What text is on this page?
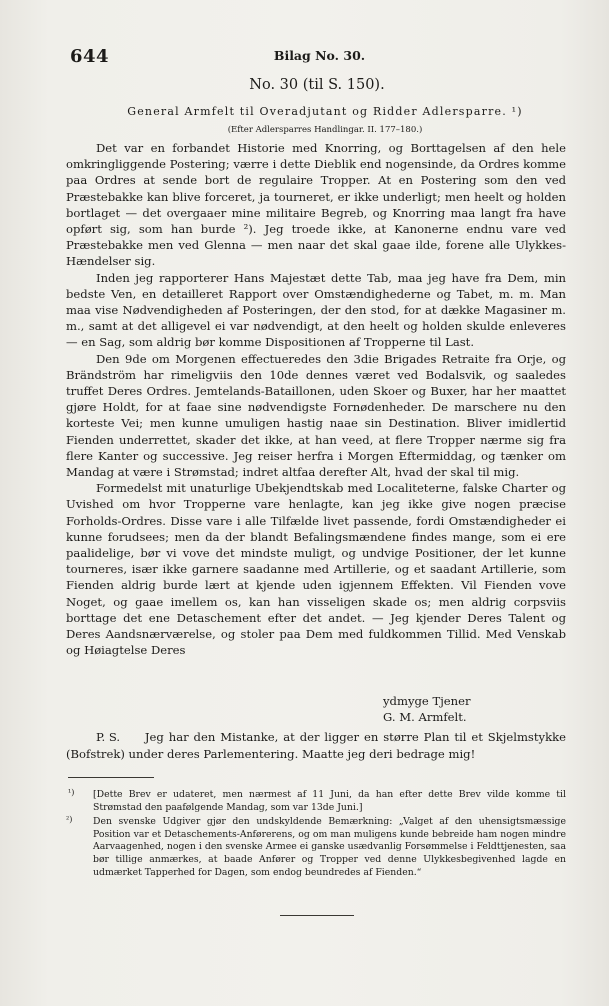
644	Bilag No. 30.
No. 30 (til S. 150).
General Armfelt til Overadjutant og Ridder Adlersparre. ¹)
(Efter Adlersparres Handlingar. II. 177–180.)

Det var en forbandet Historie med Knorring, og Borttagelsen af den hele omkringliggende Postering; værre i dette Dieblik end nogensinde, da Ordres komme paa Ordres at sende bort de regulaire Tropper. At en Postering som den ved Præstebakke kan blive forceret, ja tourneret, er ikke underligt; men heelt og holden bortlaget — det overgaaer mine militaire Begreb, og Knorring maa langt fra have opført sig, som han burde ²). Jeg troede ikke, at Kanonerne endnu vare ved Præstebakke men ved Glenna — men naar det skal gaae ilde, forene alle Ulykkes-Hændelser sig.

Inden jeg rapporterer Hans Majestæt dette Tab, maa jeg have fra Dem, min bedste Ven, en detailleret Rapport over Omstændighederne og Tabet, m. m. Man maa vise Nødvendigheden af Posteringen, der den stod, for at dække Magasiner m. m., samt at det alligevel ei var nødvendigt, at den heelt og holden skulde enleveres — en Sag, som aldrig bør komme Dispositionen af Tropperne til Last.

Den 9de om Morgenen effectueredes den 3die Brigades Retraite fra Orje, og Brändström har rimeligviis den 10de dennes været ved Bodalsvik, og saaledes truffet Deres Ordres. Jemtelands-Bataillonen, uden Skoer og Buxer, har her maattet gjøre Holdt, for at faae sine nødvendigste Fornødenheder. De marschere nu den korteste Vei; men kunne umuligen hastig naae sin Destination. Bliver imidlertid Fienden underrettet, skader det ikke, at han veed, at flere Tropper nærme sig fra flere Kanter og successive. Jeg reiser herfra i Morgen Eftermiddag, og tænker om Mandag at være i Strømstad; indret altfaa derefter Alt, hvad der skal til mig.

Formedelst mit unaturlige Ubekjendtskab med Localiteterne, falske Charter og Uvished om hvor Tropperne vare henlagte, kan jeg ikke give nogen præcise Forholds-Ordres. Disse vare i alle Tilfælde livet passende, fordi Omstændigheder ei kunne forudsees; men da der blandt Befalingsmændene findes mange, som ei ere paalidelige, bør vi vove det mindste muligt, og undvige Positioner, der let kunne tourneres, især ikke garnere saadanne med Artillerie, og et saadant Artillerie, som Fienden aldrig burde lært at kjende uden igjennem Effekten. Vil Fienden vove Noget, og gaae imellem os, kan han visseligen skade os; men aldrig corpsviis borttage det ene Detaschement efter det andet. — Jeg kjender Deres Talent og Deres Aandsnærværelse, og stoler paa Dem med fuldkommen Tillid. Med Venskab og Høiagtelse Deres

ydmyge Tjener
G. M. Armfelt.
P. S. Jeg har den Mistanke, at der ligger en større Plan til et Skjelmstykke (Bofstrek) under deres Parlementering. Maatte jeg deri bedrage mig!
¹) [Dette Brev er udateret, men nærmest af 11 Juni, da han efter dette Brev vilde komme til Strømstad den paafølgende Mandag, som var 13de Juni.]
²) Den svenske Udgiver gjør den undskyldende Bemærkning: „Valget af den uhensigtsmæssige Position var et Detaschements-Anførerens, og om man muligens kunde bebreide ham nogen mindre Aarvaagenhed, nogen i den svenske Armee ei ganske usædvanlig Forsømmelse i Feldttjenesten, saa bør tillige anmærkes, at baade Anfører og Tropper ved denne Ulykkesbegivenhed lagde en udmærket Tapperhed for Dagen, som endog beundredes af Fienden.“
